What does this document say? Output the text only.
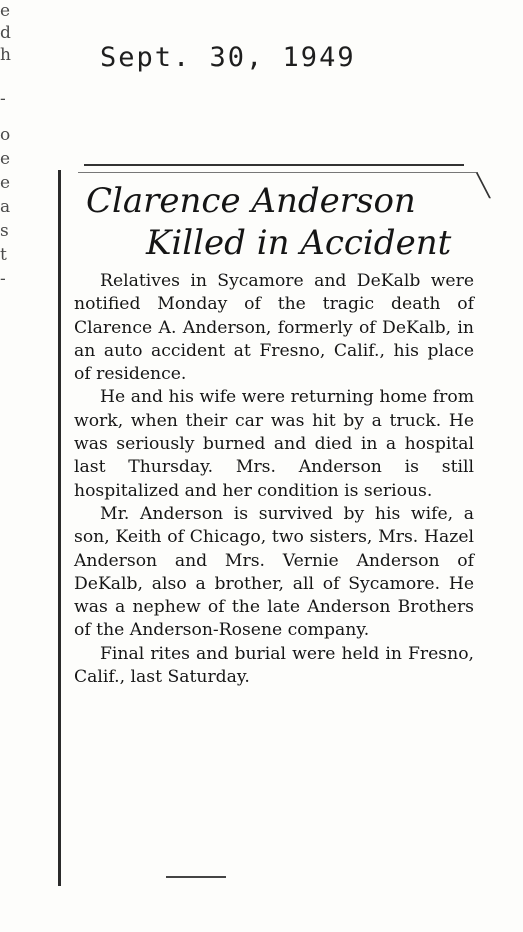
e
d
h
-
o
e
e
a
s
t
-
Sept. 30, 1949
╲
Clarence Anderson
Killed in Accident

Relatives in Sycamore and DeKalb were notified Monday of the tragic death of Clarence A. Anderson, formerly of DeKalb, in an auto accident at Fresno, Calif., his place of residence.

He and his wife were returning home from work, when their car was hit by a truck. He was seriously burned and died in a hospital last Thursday. Mrs. Anderson is still hospitalized and her condition is serious.

Mr. Anderson is survived by his wife, a son, Keith of Chicago, two sisters, Mrs. Hazel Anderson and Mrs. Vernie Anderson of DeKalb, also a brother, all of Sycamore. He was a nephew of the late Anderson Brothers of the Anderson-Rosene company.

Final rites and burial were held in Fresno, Calif., last Saturday.
